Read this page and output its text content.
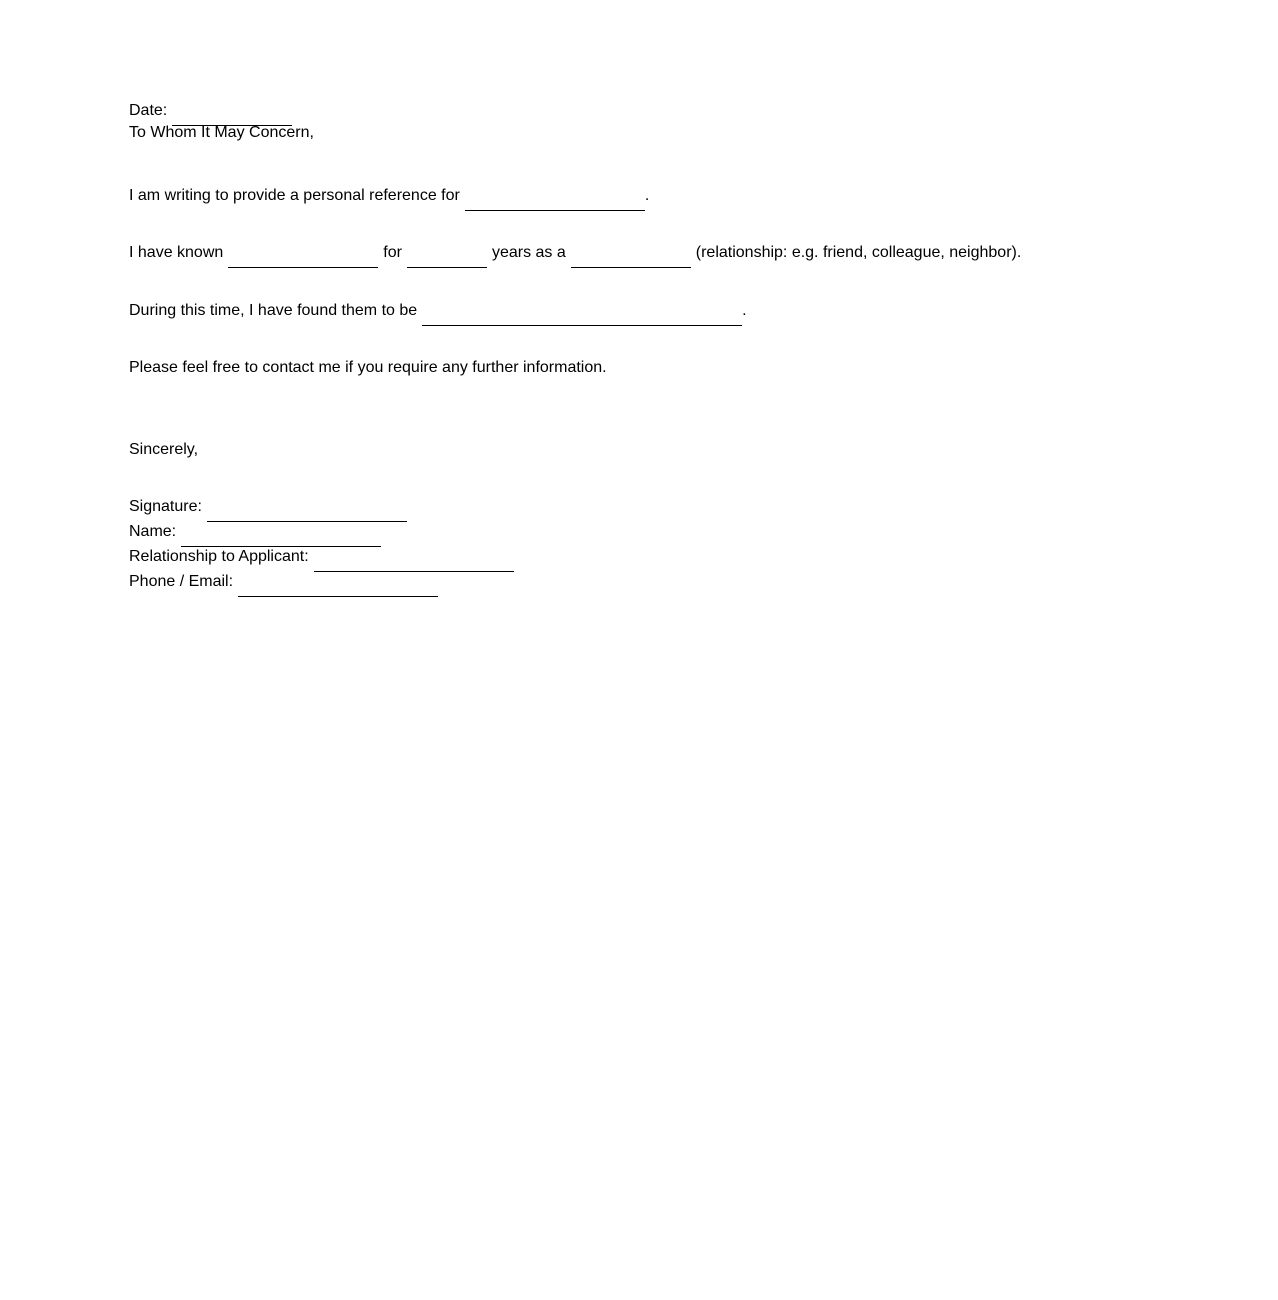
Date:
To Whom It May Concern,
I am writing to provide a personal reference for	.
I have known	for	years as a	(relationship: e.g. friend, colleague, neighbor).
During this time, I have found them to be	.
Please feel free to contact me if you require any further information.
Sincerely,
Signature:
Name:
Relationship to Applicant:
Phone / Email:
